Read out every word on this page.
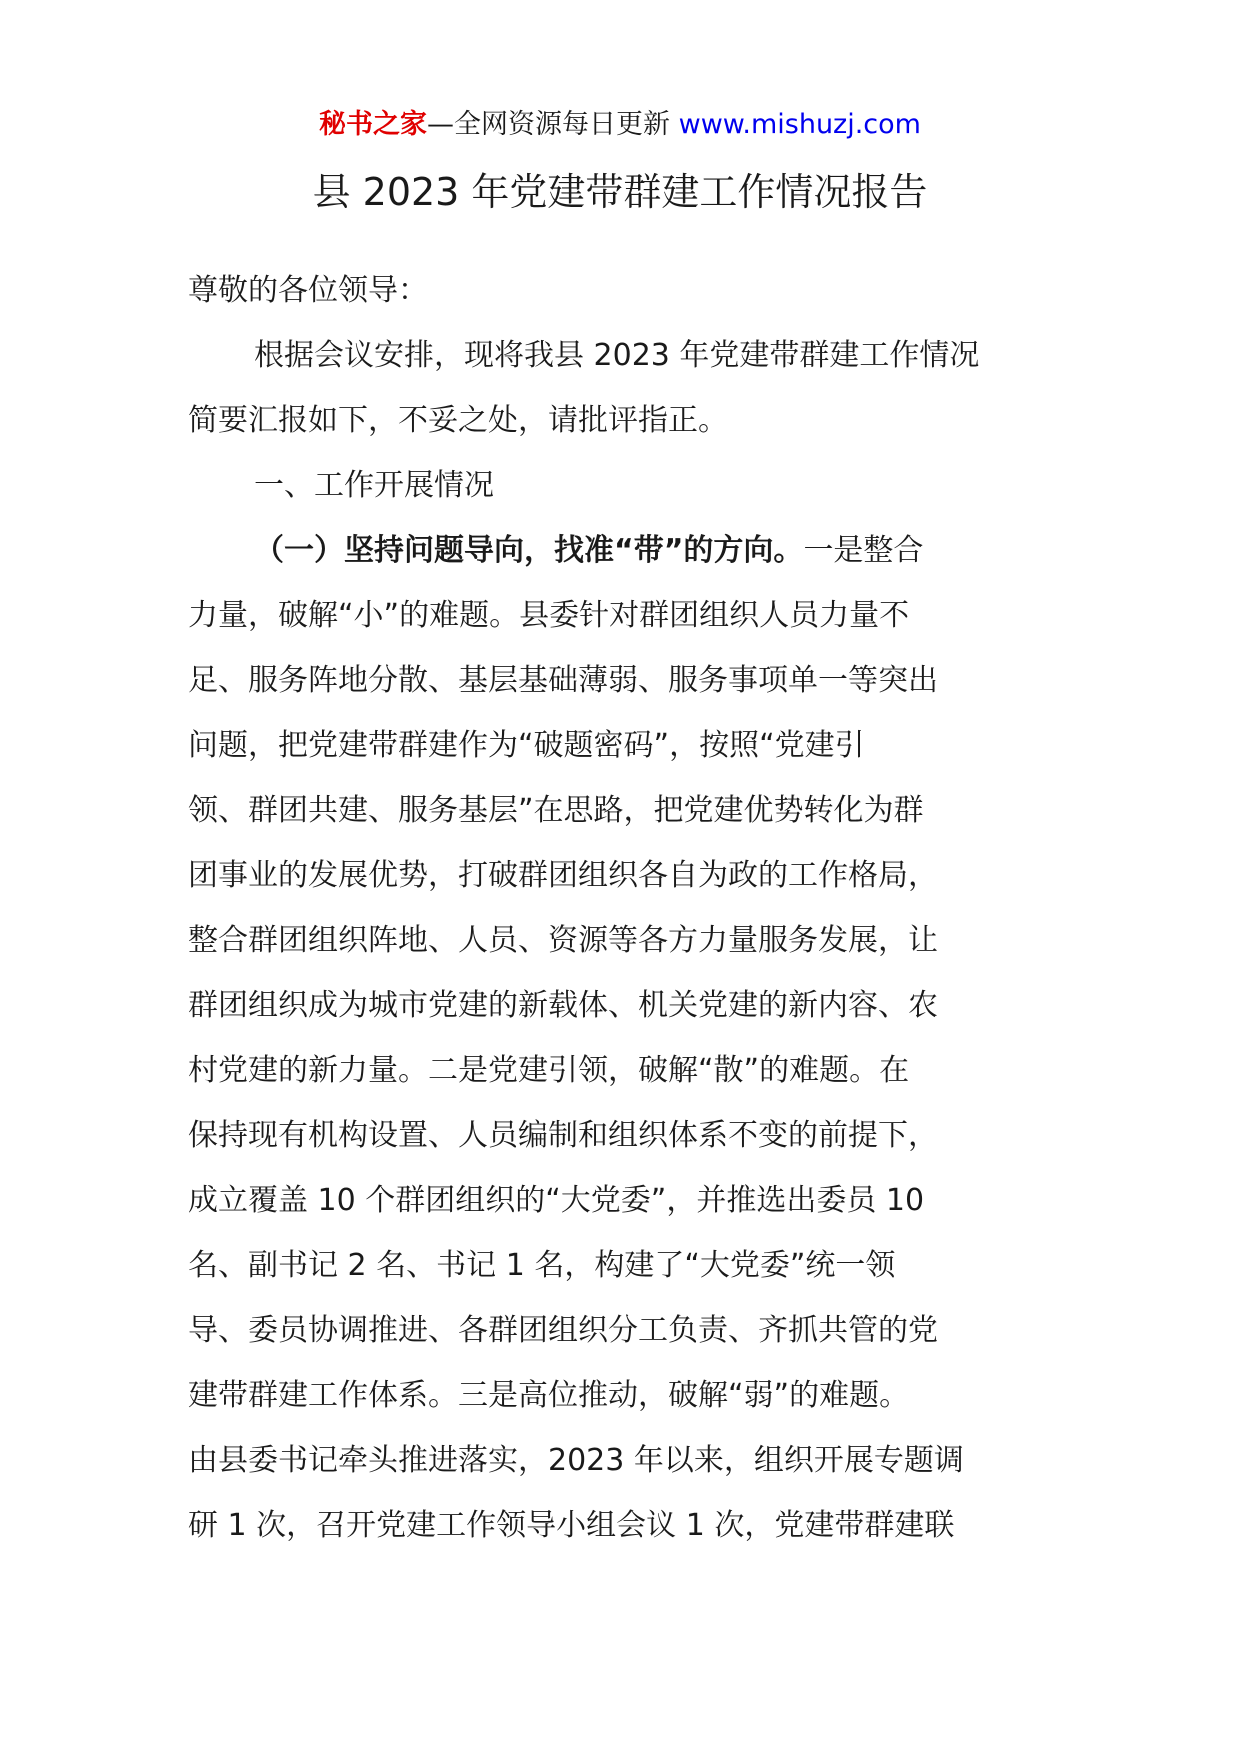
秘书之家—全网资源每日更新 www.mishuzj.com
县 2023 年党建带群建工作情况报告
尊敬的各位领导：
根据会议安排，现将我县 2023 年党建带群建工作情况
简要汇报如下，不妥之处，请批评指正。
一、工作开展情况
（一）坚持问题导向，找准“带”的方向。一是整合
力量，破解“小”的难题。县委针对群团组织人员力量不
足、服务阵地分散、基层基础薄弱、服务事项单一等突出
问题，把党建带群建作为“破题密码”，按照“党建引
领、群团共建、服务基层”在思路，把党建优势转化为群
团事业的发展优势，打破群团组织各自为政的工作格局，
整合群团组织阵地、人员、资源等各方力量服务发展，让
群团组织成为城市党建的新载体、机关党建的新内容、农
村党建的新力量。二是党建引领，破解“散”的难题。在
保持现有机构设置、人员编制和组织体系不变的前提下，
成立覆盖 10 个群团组织的“大党委”，并推选出委员 10
名、副书记 2 名、书记 1 名，构建了“大党委”统一领
导、委员协调推进、各群团组织分工负责、齐抓共管的党
建带群建工作体系。三是高位推动，破解“弱”的难题。
由县委书记牵头推进落实，2023 年以来，组织开展专题调
研 1 次，召开党建工作领导小组会议 1 次，党建带群建联
